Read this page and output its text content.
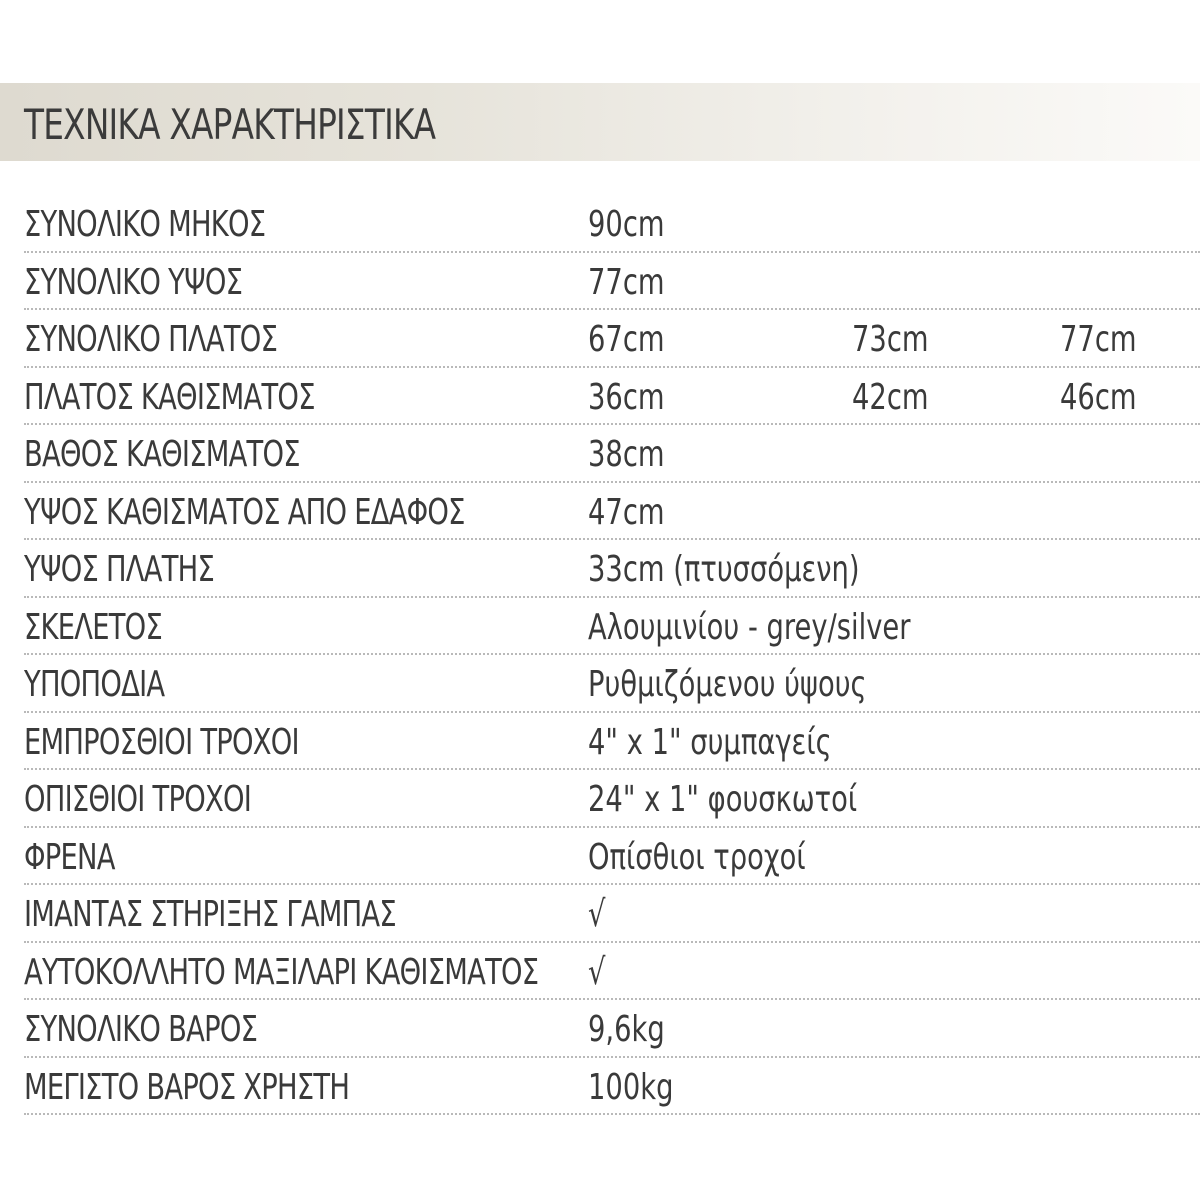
ΤΕΧΝΙΚΑ ΧΑΡΑΚΤΗΡΙΣΤΙΚΑ
ΣΥΝΟΛΙΚΟ ΜΗΚΟΣ	90cm
ΣΥΝΟΛΙΚΟ ΥΨΟΣ	77cm
ΣΥΝΟΛΙΚΟ ΠΛΑΤΟΣ	67cm	73cm	77cm
ΠΛΑΤΟΣ ΚΑΘΙΣΜΑΤΟΣ	36cm	42cm	46cm
ΒΑΘΟΣ ΚΑΘΙΣΜΑΤΟΣ	38cm
ΥΨΟΣ ΚΑΘΙΣΜΑΤΟΣ ΑΠΟ ΕΔΑΦΟΣ	47cm
ΥΨΟΣ ΠΛΑΤΗΣ	33cm (πτυσσόμενη)
ΣΚΕΛΕΤΟΣ	Αλουμινίου - grey/silver
ΥΠΟΠΟΔΙΑ	Ρυθμιζόμενου ύψους
ΕΜΠΡΟΣΘΙΟΙ ΤΡΟΧΟΙ	4" x 1" συμπαγείς
ΟΠΙΣΘΙΟΙ ΤΡΟΧΟΙ	24" x 1" φουσκωτοί
ΦΡΕΝΑ	Οπίσθιοι τροχοί
ΙΜΑΝΤΑΣ ΣΤΗΡΙΞΗΣ ΓΑΜΠΑΣ	√
ΑΥΤΟΚΟΛΛΗΤΟ ΜΑΞΙΛΑΡΙ ΚΑΘΙΣΜΑΤΟΣ √
ΣΥΝΟΛΙΚΟ ΒΑΡΟΣ	9,6kg
ΜΕΓΙΣΤΟ ΒΑΡΟΣ ΧΡΗΣΤΗ	100kg
